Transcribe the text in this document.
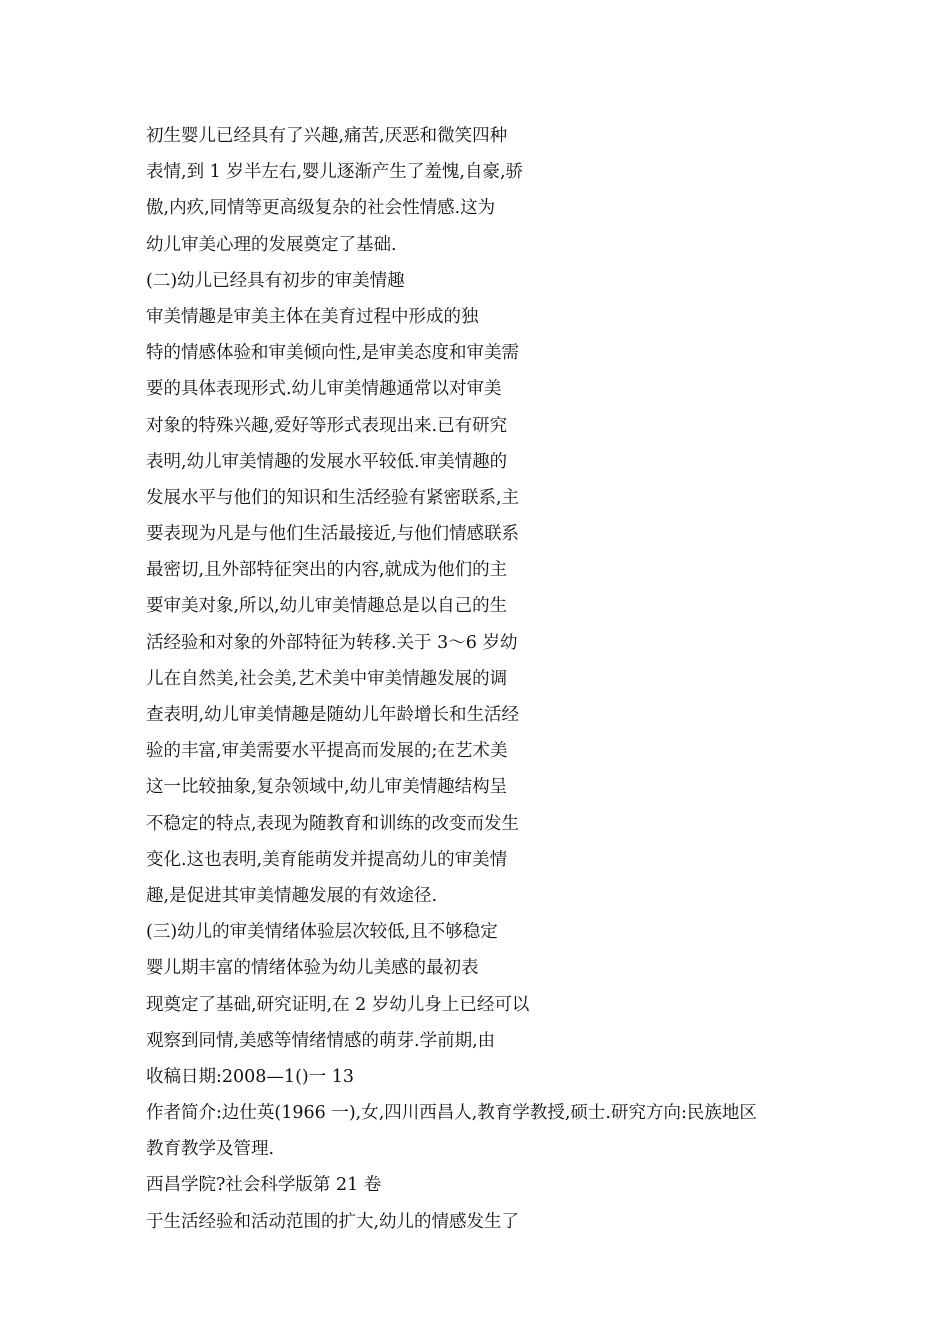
初生婴儿已经具有了兴趣,痛苦,厌恶和微笑四种
表情,到 1 岁半左右,婴儿逐渐产生了羞愧,自豪,骄
傲,内疚,同情等更高级复杂的社会性情感.这为
幼儿审美心理的发展奠定了基础.
(二)幼儿已经具有初步的审美情趣
审美情趣是审美主体在美育过程中形成的独
特的情感体验和审美倾向性,是审美态度和审美需
要的具体表现形式.幼儿审美情趣通常以对审美
对象的特殊兴趣,爱好等形式表现出来.已有研究
表明,幼儿审美情趣的发展水平较低.审美情趣的
发展水平与他们的知识和生活经验有紧密联系,主
要表现为凡是与他们生活最接近,与他们情感联系
最密切,且外部特征突出的内容,就成为他们的主
要审美对象,所以,幼儿审美情趣总是以自己的生
活经验和对象的外部特征为转移.关于 3～6 岁幼
儿在自然美,社会美,艺术美中审美情趣发展的调
查表明,幼儿审美情趣是随幼儿年龄增长和生活经
验的丰富,审美需要水平提高而发展的;在艺术美
这一比较抽象,复杂领域中,幼儿审美情趣结构呈
不稳定的特点,表现为随教育和训练的改变而发生
变化.这也表明,美育能萌发并提高幼儿的审美情
趣,是促进其审美情趣发展的有效途径.
(三)幼儿的审美情绪体验层次较低,且不够稳定
婴儿期丰富的情绪体验为幼儿美感的最初表
现奠定了基础,研究证明,在 2 岁幼儿身上已经可以
观察到同情,美感等情绪情感的萌芽.学前期,由
收稿日期:2008—1()一 13
作者简介:边仕英(1966 一),女,四川西昌人,教育学教授,硕士.研究方向:民族地区
教育教学及管理.
西昌学院?社会科学版第 21 卷
于生活经验和活动范围的扩大,幼儿的情感发生了
